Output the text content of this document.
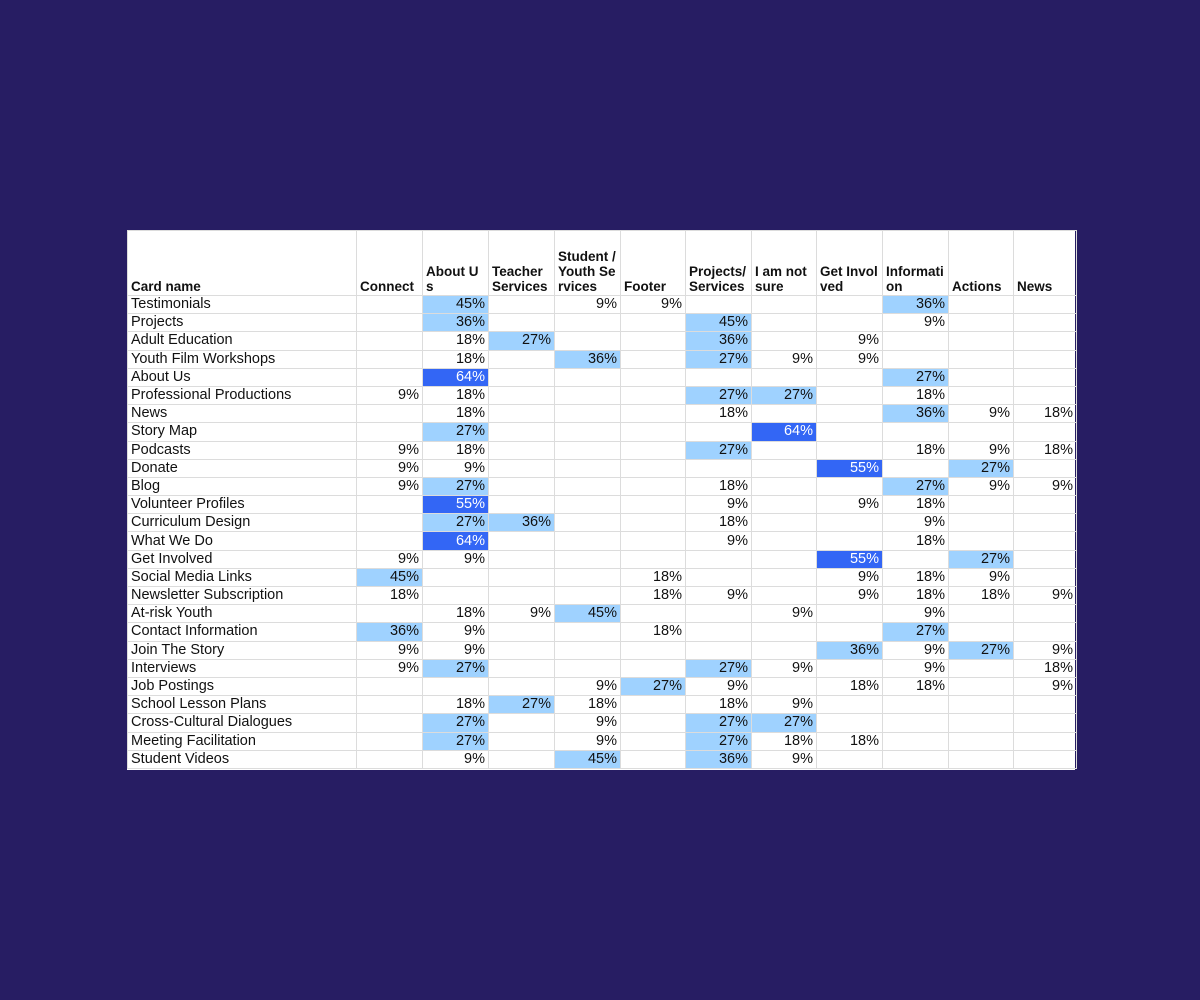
Card name	Connect	About Us	Teacher Services	Student /Youth Services	Footer	Projects/Services	I am not sure	Get Involved	Information	Actions	News
Testimonials		45%		9%	9%				36%		
Projects		36%				45%			9%		
Adult Education		18%	27%			36%		9%			
Youth Film Workshops		18%		36%		27%	9%	9%			
About Us		64%							27%		
Professional Productions	9%	18%				27%	27%		18%		
News		18%				18%			36%	9%	18%
Story Map		27%					64%				
Podcasts	9%	18%				27%			18%	9%	18%
Donate	9%	9%						55%		27%	
Blog	9%	27%				18%			27%	9%	9%
Volunteer Profiles		55%				9%		9%	18%		
Curriculum Design		27%	36%			18%			9%		
What We Do		64%				9%			18%		
Get Involved	9%	9%						55%		27%	
Social Media Links	45%				18%			9%	18%	9%	
Newsletter Subscription	18%				18%	9%		9%	18%	18%	9%
At-risk Youth		18%	9%	45%			9%		9%		
Contact Information	36%	9%			18%				27%		
Join The Story	9%	9%						36%	9%	27%	9%
Interviews	9%	27%				27%	9%		9%		18%
Job Postings				9%	27%	9%		18%	18%		9%
School Lesson Plans		18%	27%	18%		18%	9%				
Cross-Cultural Dialogues		27%		9%		27%	27%				
Meeting Facilitation		27%		9%		27%	18%	18%			
Student Videos		9%		45%		36%	9%				
